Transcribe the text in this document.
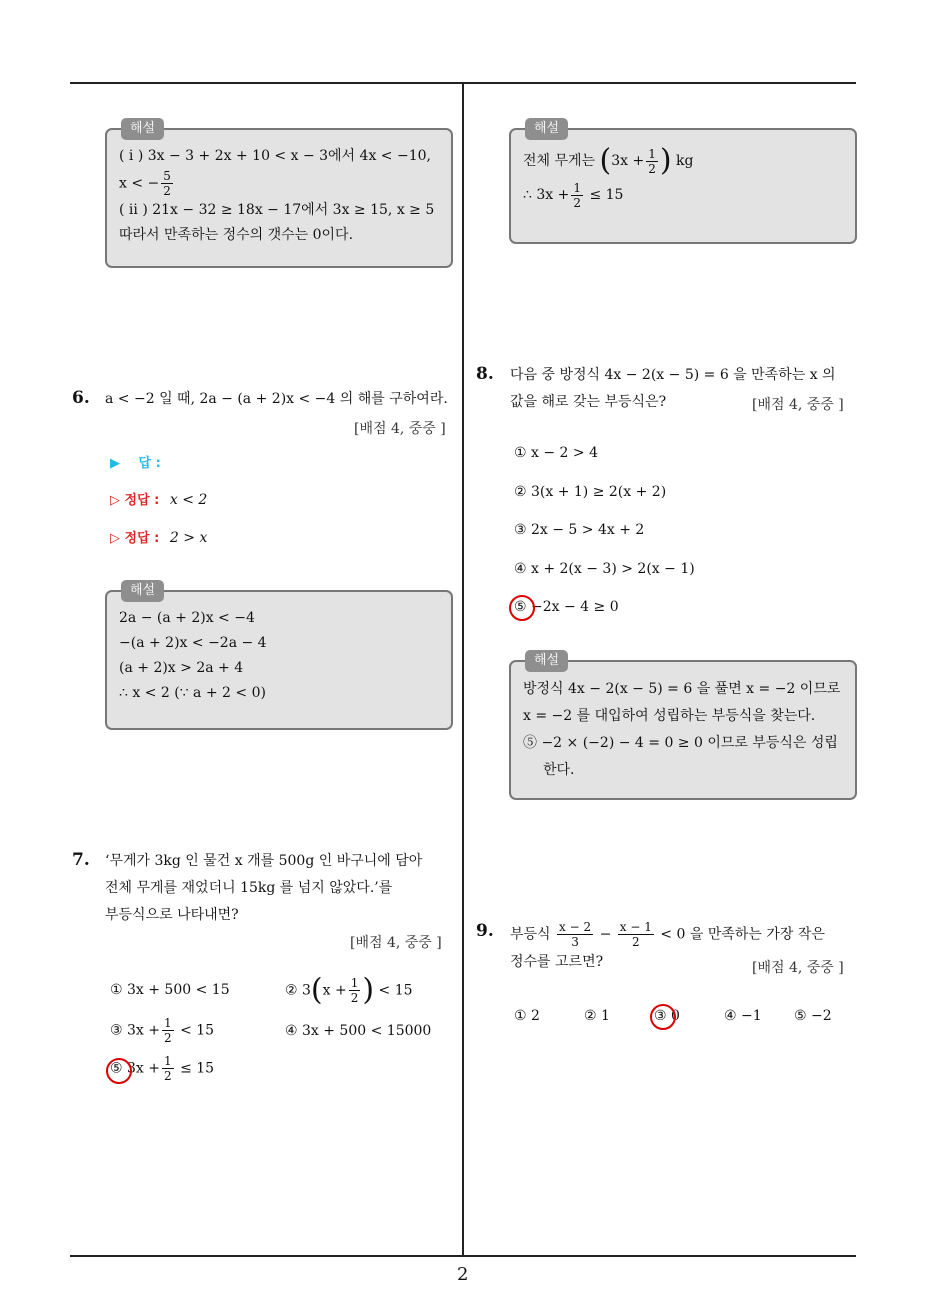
해설
( i ) 3x − 3 + 2x + 10 < x − 3에서 4x < −10,
x < − $\frac{5}{2}$
( ii ) 21x − 32 ≥ 18x − 17에서 3x ≥ 15, x ≥ 5
따라서 만족하는 정수의 갯수는 0이다.
6. a < −2 일 때, 2a − (a + 2)x < −4 의 해를 구하여라.
[배점 4, 중중 ]
▶ 답 :
▷ 정답 : x < 2
▷ 정답 : 2 > x
해설
2a − (a + 2)x < −4
−(a + 2)x < −2a − 4
(a + 2)x > 2a + 4
∴ x < 2 (∵ a + 2 < 0)
7. ‘무게가 3kg 인 물건 x 개를 500g 인 바구니에 담아
전체 무게를 재었더니 15kg 를 넘지 않았다.’를
부등식으로 나타내면?
[배점 4, 중중 ]
① 3x + 500 < 15	② $3(x + \frac{1}{2}$ ) < 15
③ $3x + \frac{1}{2} < 15$	④ 3x + 500 < 15000
⑤ $3x + \frac{1}{2} \le 15$
해설
전체 무게는 ($3x + \frac{1}{2}$ ) kg
∴ $3x + \frac{1}{2} \le 15$
8. 다음 중 방정식 4x − 2(x − 5) = 6 을 만족하는 x 의
값을 해로 갖는 부등식은?	[배점 4, 중중 ]
① x − 2 > 4
② 3(x + 1) ≥ 2(x + 2)
③ 2x − 5 > 4x + 2
④ x + 2(x − 3) > 2(x − 1)
⑤ −2x − 4 ≥ 0
해설
방정식 4x − 2(x − 5) = 6 을 풀면 x = −2 이므로
x = −2 를 대입하여 성립하는 부등식을 찾는다.
⑤ −2 × (−2) − 4 = 0 ≥ 0 이므로 부등식은 성립
한다.
9. 부등식 $\frac{x - 2}{3} - \frac{x - 1}{2} < 0$ 을 만족하는 가장 작은
정수를 고르면?	[배점 4, 중중 ]
① 2	② 1	③ 0	④ −1 ⑤ −2
2
